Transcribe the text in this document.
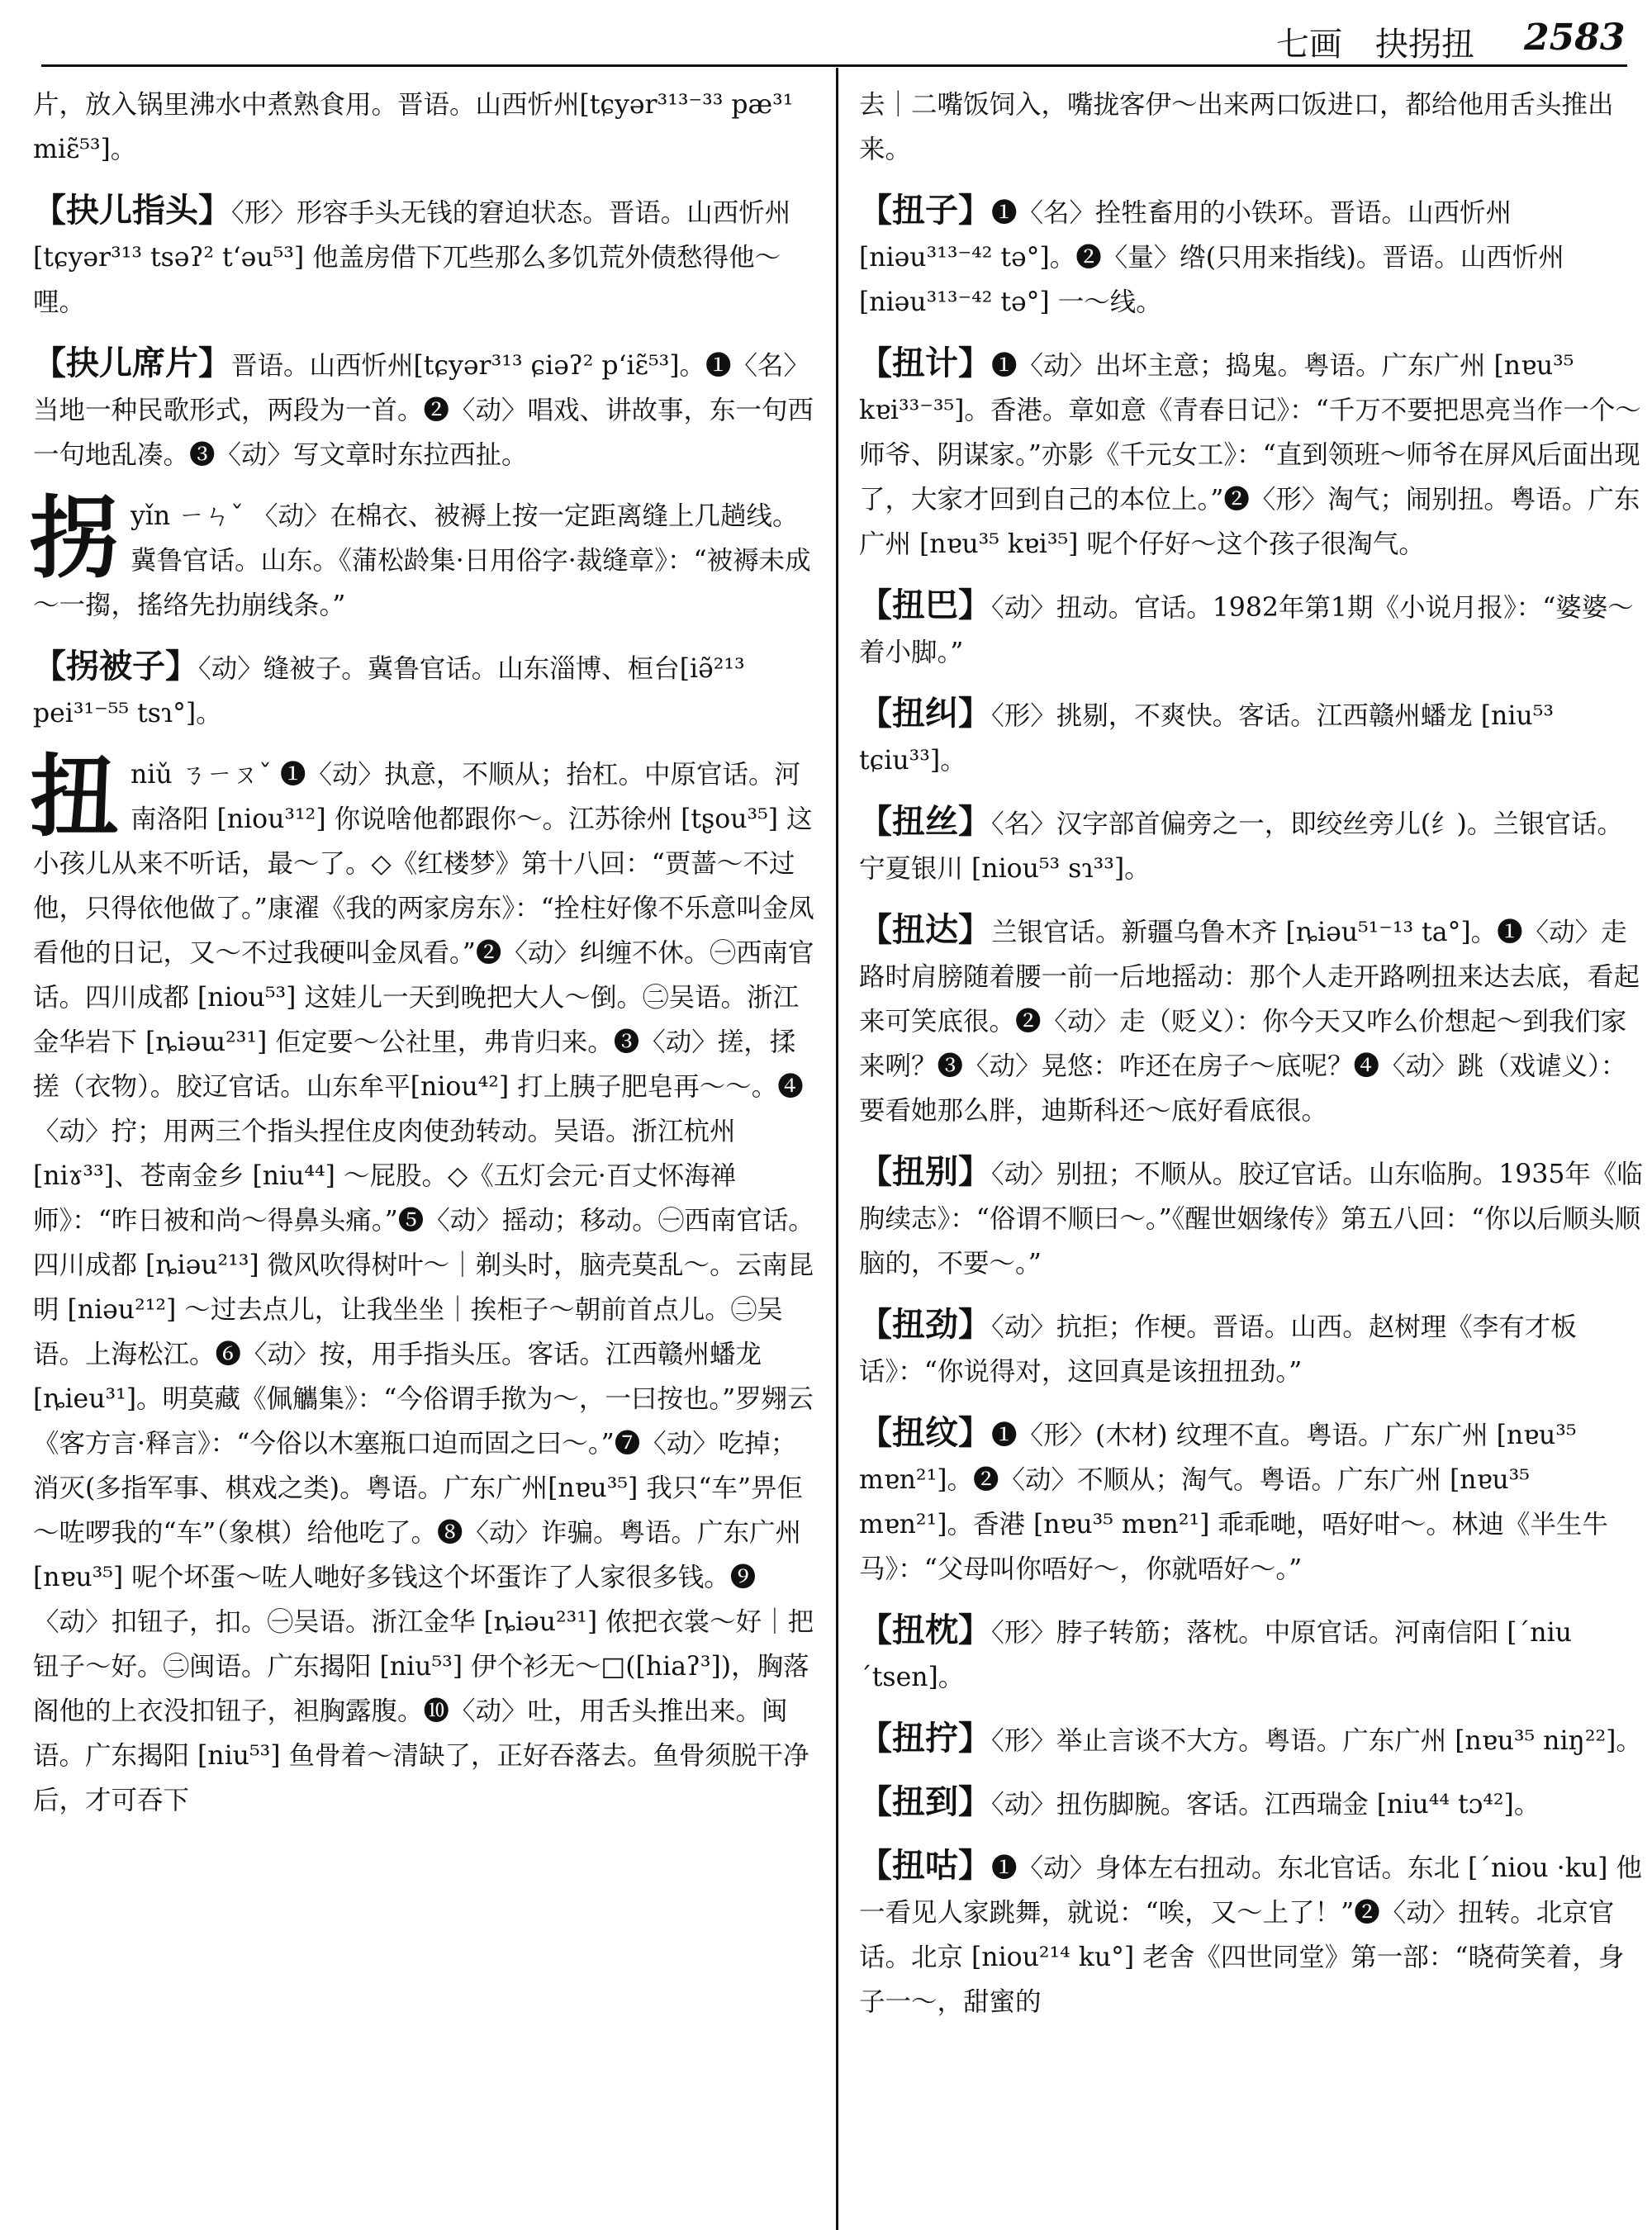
七画　抉拐扭 2583
片，放入锅里沸水中煮熟食用。晋语。山西忻州[tɕyər³¹³⁻³³ pæ³¹ miɛ̃⁵³]。
【抉儿指头】〈形〉形容手头无钱的窘迫状态。晋语。山西忻州 [tɕyər³¹³ tsəʔ² tʻəu⁵³] 他盖房借下兀些那么多饥荒外债愁得他～哩。
【抉儿席片】晋语。山西忻州[tɕyər³¹³ ɕiəʔ² pʻiɛ̃⁵³]。❶〈名〉当地一种民歌形式，两段为一首。❷〈动〉唱戏、讲故事，东一句西一句地乱凑。❸〈动〉写文章时东拉西扯。
拐yǐn ㄧㄣˇ 〈动〉在棉衣、被褥上按一定距离缝上几趟线。冀鲁官话。山东。《蒲松龄集·日用俗字·裁缝章》：“被褥未成～一搊，搖络先扐崩线条。”
【拐被子】〈动〉缝被子。冀鲁官话。山东淄博、桓台[iə̃²¹³ pei³¹⁻⁵⁵ tsɿ°]。
扭niǔ ㄋㄧㄡˇ ❶〈动〉执意，不顺从；抬杠。中原官话。河南洛阳 [niou³¹²] 你说啥他都跟你～。江苏徐州 [tʂou³⁵] 这小孩儿从来不听话，最～了。◇《红楼梦》第十八回：“贾蔷～不过他，只得依他做了。”康濯《我的两家房东》：“拴柱好像不乐意叫金凤看他的日记，又～不过我硬叫金凤看。”❷〈动〉纠缠不休。㊀西南官话。四川成都 [niou⁵³] 这娃儿一天到晚把大人～倒。㊁吴语。浙江金华岩下 [ȵiəɯ²³¹] 佢定要～公社里，弗肯归来。❸〈动〉搓，揉搓（衣物）。胶辽官话。山东牟平[niou⁴²] 打上胰子肥皂再～～。❹〈动〉拧；用两三个指头捏住皮肉使劲转动。吴语。浙江杭州 [niɤ³³]、苍南金乡 [niu⁴⁴] ～屁股。◇《五灯会元·百丈怀海禅师》：“昨日被和尚～得鼻头痛。”❺〈动〉摇动；移动。㊀西南官话。四川成都 [ȵiəu²¹³] 微风吹得树叶～｜剃头时，脑壳莫乱～。云南昆明 [niəu²¹²] ～过去点儿，让我坐坐｜挨柜子～朝前首点儿。㊁吴语。上海松江。❻〈动〉按，用手指头压。客话。江西赣州蟠龙 [ȵieu³¹]。明莫藏《佩觿集》：“今俗谓手揿为～，一曰按也。”罗翙云《客方言·释言》：“今俗以木塞瓶口迫而固之曰～。”❼〈动〉吃掉；消灭(多指军事、棋戏之类)。粤语。广东广州[nɐu³⁵] 我只“车”畀佢～咗啰我的“车”（象棋）给他吃了。❽〈动〉诈骗。粤语。广东广州 [nɐu³⁵] 呢个坏蛋～咗人哋好多钱这个坏蛋诈了人家很多钱。❾〈动〉扣钮子，扣。㊀吴语。浙江金华 [ȵiəu²³¹] 侬把衣裳～好｜把钮子～好。㊁闽语。广东揭阳 [niu⁵³] 伊个衫无～□([hiaʔ³])，胸落阁他的上衣没扣钮子，袒胸露腹。❿〈动〉吐，用舌头推出来。闽语。广东揭阳 [niu⁵³] 鱼骨着～清缺了，正好吞落去。鱼骨须脱干净后，才可吞下
去｜二嘴饭饲入，嘴拢客伊～出来两口饭进口，都给他用舌头推出来。
【扭子】❶〈名〉拴牲畜用的小铁环。晋语。山西忻州 [niəu³¹³⁻⁴² tə°]。❷〈量〉绺(只用来指线)。晋语。山西忻州 [niəu³¹³⁻⁴² tə°] 一～线。
【扭计】❶〈动〉出坏主意；捣鬼。粤语。广东广州 [nɐu³⁵ kɐi³³⁻³⁵]。香港。章如意《青春日记》：“千万不要把思亮当作一个～师爷、阴谋家。”亦影《千元女工》：“直到领班～师爷在屏风后面出现了，大家才回到自己的本位上。”❷〈形〉淘气；闹别扭。粤语。广东广州 [nɐu³⁵ kɐi³⁵] 呢个仔好～这个孩子很淘气。
【扭巴】〈动〉扭动。官话。1982年第1期《小说月报》：“婆婆～着小脚。”
【扭纠】〈形〉挑剔，不爽快。客话。江西赣州蟠龙 [niu⁵³ tɕiu³³]。
【扭丝】〈名〉汉字部首偏旁之一，即绞丝旁儿(纟)。兰银官话。宁夏银川 [niou⁵³ sɿ³³]。
【扭达】兰银官话。新疆乌鲁木齐 [ȵiəu⁵¹⁻¹³ ta°]。❶〈动〉走路时肩膀随着腰一前一后地摇动：那个人走开路咧扭来达去底，看起来可笑底很。❷〈动〉走（贬义）：你今天又咋么价想起～到我们家来咧？❸〈动〉晃悠：咋还在房子～底呢？❹〈动〉跳（戏谑义）：要看她那么胖，迪斯科还～底好看底很。
【扭别】〈动〉别扭；不顺从。胶辽官话。山东临朐。1935年《临朐续志》：“俗谓不顺曰～。”《醒世姻缘传》第五八回：“你以后顺头顺脑的，不要～。”
【扭劲】〈动〉抗拒；作梗。晋语。山西。赵树理《李有才板话》：“你说得对，这回真是该扭扭劲。”
【扭纹】❶〈形〉(木材) 纹理不直。粤语。广东广州 [nɐu³⁵ mɐn²¹]。❷〈动〉不顺从；淘气。粤语。广东广州 [nɐu³⁵ mɐn²¹]。香港 [nɐu³⁵ mɐn²¹] 乖乖哋，唔好咁～。林迪《半生牛马》：“父母叫你唔好～，你就唔好～。”
【扭枕】〈形〉脖子转筋；落枕。中原官话。河南信阳 [ˊniu ˊtsen]。
【扭拧】〈形〉举止言谈不大方。粤语。广东广州 [nɐu³⁵ niŋ²²]。
【扭到】〈动〉扭伤脚腕。客话。江西瑞金 [niu⁴⁴ tɔ⁴²]。
【扭咕】❶〈动〉身体左右扭动。东北官话。东北 [ˊniou ·ku] 他一看见人家跳舞，就说：“唉，又～上了！”❷〈动〉扭转。北京官话。北京 [niou²¹⁴ ku°] 老舍《四世同堂》第一部：“晓荷笑着，身子一～，甜蜜的
